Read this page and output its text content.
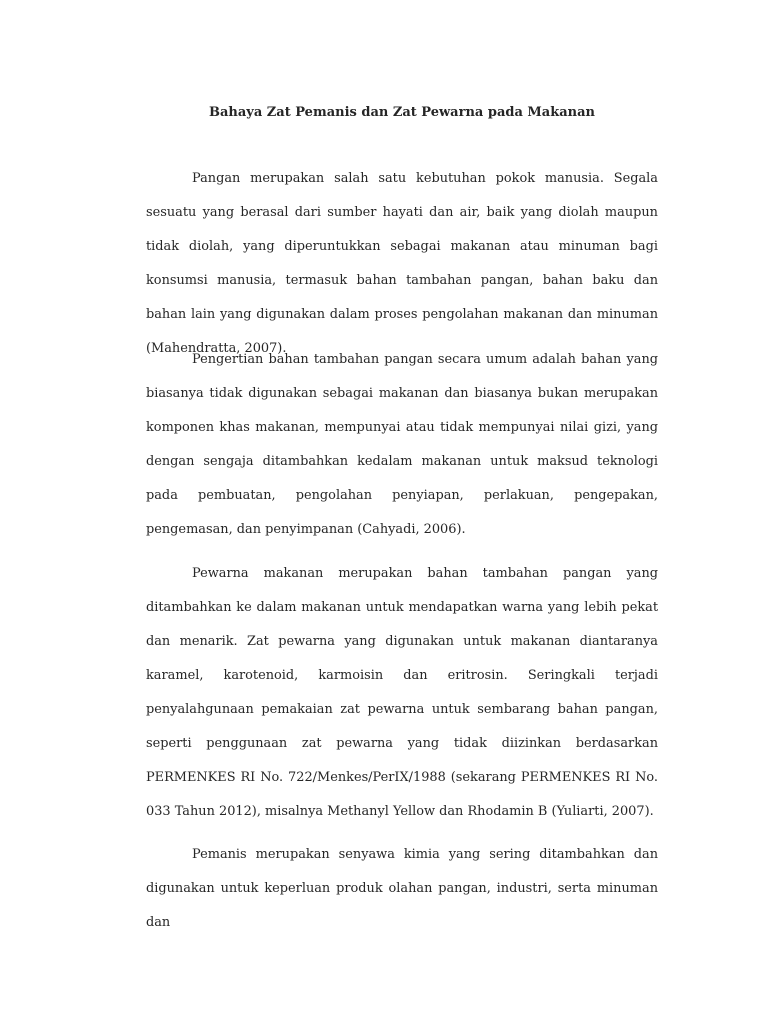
Bahaya Zat Pemanis dan Zat Pewarna pada Makanan

Pangan merupakan salah satu kebutuhan pokok manusia. Segala sesuatu yang berasal dari sumber hayati dan air, baik yang diolah maupun tidak diolah, yang diperuntukkan sebagai makanan atau minuman bagi konsumsi manusia, termasuk bahan tambahan pangan, bahan baku dan bahan lain yang digunakan dalam proses pengolahan makanan dan minuman (Mahendratta, 2007).

Pengertian bahan tambahan pangan secara umum adalah bahan yang biasanya tidak digunakan sebagai makanan dan biasanya bukan merupakan komponen khas makanan, mempunyai atau tidak mempunyai nilai gizi, yang dengan sengaja ditambahkan kedalam makanan untuk maksud teknologi pada pembuatan, pengolahan penyiapan, perlakuan, pengepakan, pengemasan, dan penyimpanan (Cahyadi, 2006).

Pewarna makanan merupakan bahan tambahan pangan yang ditambahkan ke dalam makanan untuk mendapatkan warna yang lebih pekat dan menarik. Zat pewarna yang digunakan untuk makanan diantaranya karamel, karotenoid, karmoisin dan eritrosin. Seringkali terjadi penyalahgunaan pemakaian zat pewarna untuk sembarang bahan pangan, seperti penggunaan zat pewarna yang tidak diizinkan berdasarkan PERMENKES RI No. 722/Menkes/PerIX/1988 (sekarang PERMENKES RI No. 033 Tahun 2012), misalnya Methanyl Yellow dan Rhodamin B (Yuliarti, 2007).

Pemanis merupakan senyawa kimia yang sering ditambahkan dan digunakan untuk keperluan produk olahan pangan, industri, serta minuman dan
